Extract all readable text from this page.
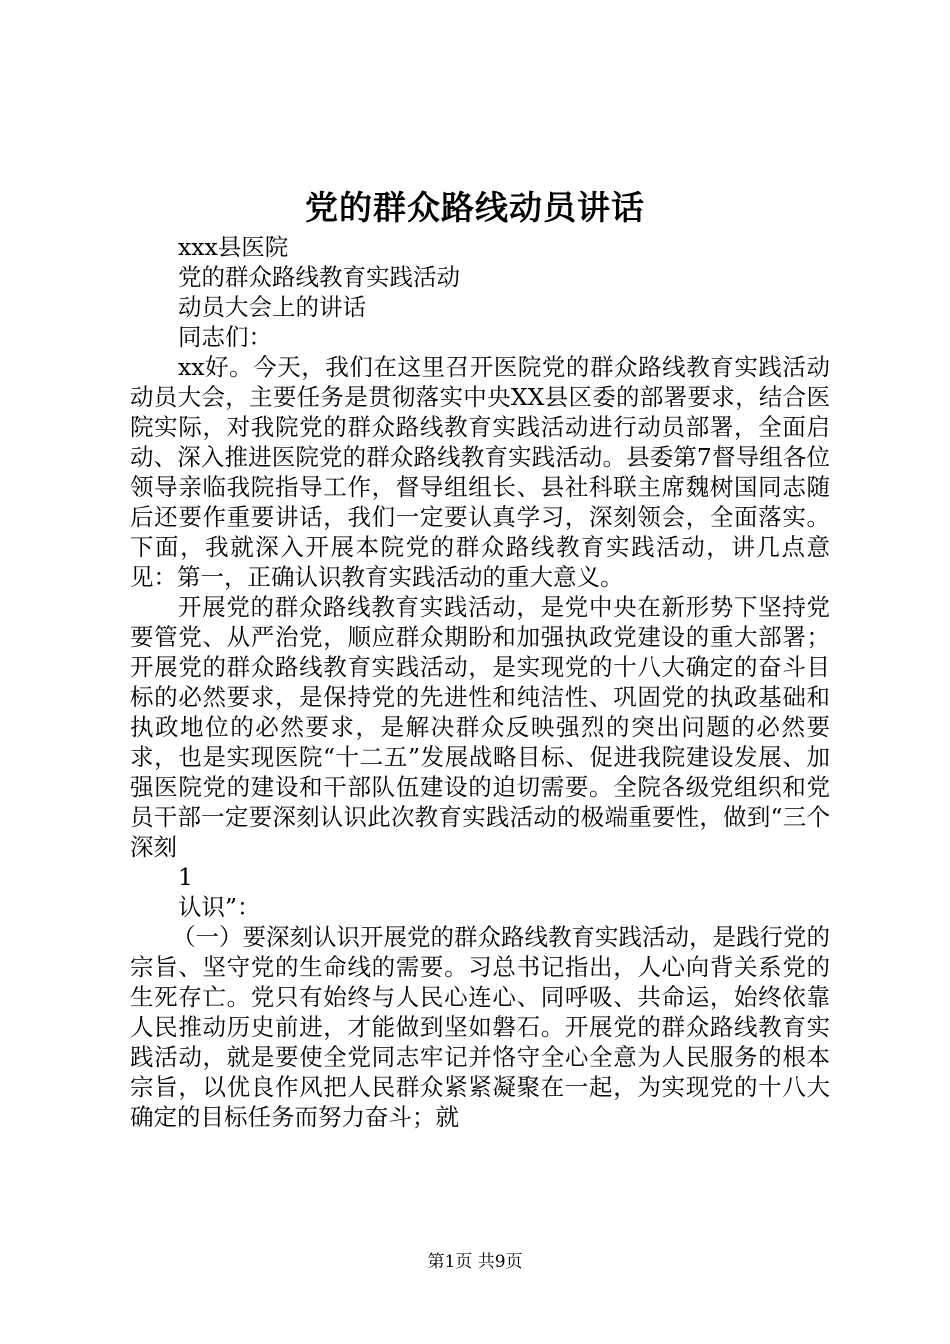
党的群众路线动员讲话

xxx县医院

党的群众路线教育实践活动

动员大会上的讲话

同志们：

xx好。今天，我们在这里召开医院党的群众路线教育实践活动动员大会，主要任务是贯彻落实中央XX县区委的部署要求，结合医院实际，对我院党的群众路线教育实践活动进行动员部署，全面启动、深入推进医院党的群众路线教育实践活动。县委第7督导组各位领导亲临我院指导工作，督导组组长、县社科联主席魏树国同志随后还要作重要讲话，我们一定要认真学习，深刻领会，全面落实。下面，我就深入开展本院党的群众路线教育实践活动，讲几点意见：第一，正确认识教育实践活动的重大意义。

开展党的群众路线教育实践活动，是党中央在新形势下坚持党要管党、从严治党，顺应群众期盼和加强执政党建设的重大部署；开展党的群众路线教育实践活动，是实现党的十八大确定的奋斗目标的必然要求，是保持党的先进性和纯洁性、巩固党的执政基础和执政地位的必然要求，是解决群众反映强烈的突出问题的必然要求，也是实现医院“十二五”发展战略目标、促进我院建设发展、加强医院党的建设和干部队伍建设的迫切需要。全院各级党组织和党员干部一定要深刻认识此次教育实践活动的极端重要性，做到“三个深刻

1

认识”：

（一）要深刻认识开展党的群众路线教育实践活动，是践行党的宗旨、坚守党的生命线的需要。习总书记指出，人心向背关系党的生死存亡。党只有始终与人民心连心、同呼吸、共命运，始终依靠人民推动历史前进，才能做到坚如磐石。开展党的群众路线教育实践活动，就是要使全党同志牢记并恪守全心全意为人民服务的根本宗旨，以优良作风把人民群众紧紧凝聚在一起，为实现党的十八大确定的目标任务而努力奋斗；就

第1页 共9页
